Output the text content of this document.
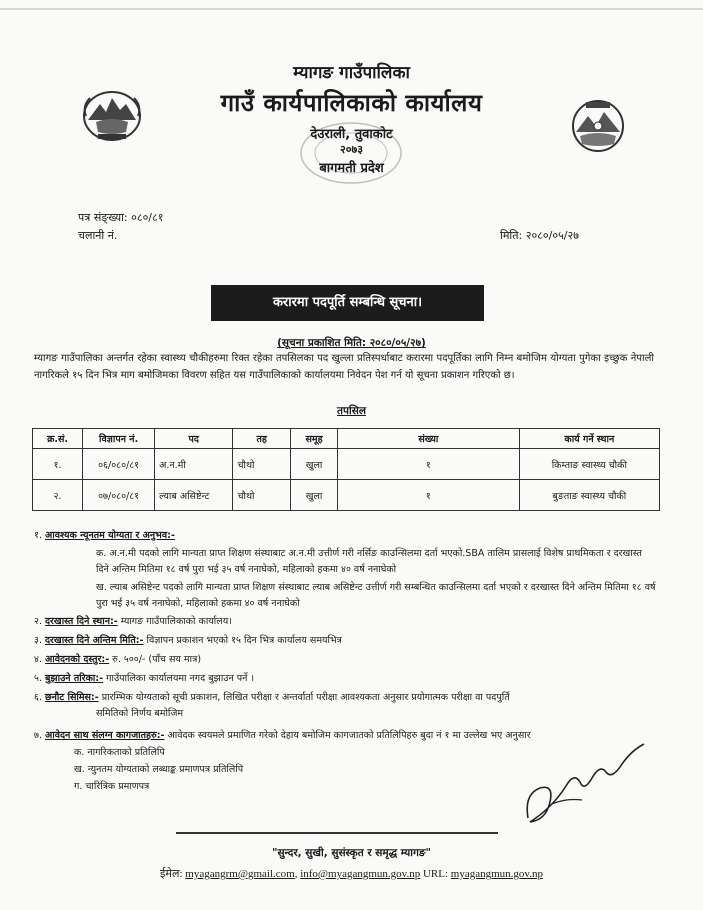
म्यागङ गाउँपालिका
गाउँ कार्यपालिकाको कार्यालय
देउराली, तुवाकोट
२०७३
बागमती प्रदेश
पत्र संङ्ख्या: ०८०/८१
चलानी नं.	मिति: २०८०/०५/२७
करारमा पदपूर्ति सम्बन्धि सूचना।
(सूचना प्रकाशित मिति: २०८०/०५/२७)
म्यागङ गाउँपालिका अन्तर्गत रहेका स्वास्थ्य चौकीहरुमा रिक्त रहेका तपसिलका पद खुल्ला प्रतिस्पर्धाबाट करारमा पदपूर्तिका लागि निम्न बमोजिम योग्यता पुगेका इच्छुक नेपाली नागरिकले १५ दिन भित्र माग बमोजिमका विवरण सहित यस गाउँपालिकाको कार्यालयमा निवेदन पेश गर्न यो सूचना प्रकाशन गरिएको छ।
तपसिल
क्र.सं.	विज्ञापन नं.	पद	तह	समूह	संख्या	कार्य गर्ने स्थान
१.	०६/०८०/८१	अ.न.मी	चौथो	खुला	१	किम्ताङ स्वास्थ्य चौकी
२.	०७/०८०/८१	ल्याब असिष्टेन्ट	चौथो	खुला	१	बुङताङ स्वास्थ्य चौकी
१. आवश्यक न्यूनतम योग्यता र अनुभव:-
क. अ.न.मी पदको लागि मान्यता प्राप्त शिक्षण संस्थाबाट अ.न.मी उत्तीर्ण गरी नर्सिङ काउन्सिलमा दर्ता भएको.SBA तालिम प्रासलाई विशेष प्राथमिकता र दरखास्त दिने अन्तिम मितिमा १८ वर्ष पुरा भई ३५ वर्ष ननाघेको, महिलाको हकमा ४० वर्ष ननाघेको
ख. ल्याब असिष्टेन्ट पदको लागि मान्यता प्राप्त शिक्षण संस्थाबाट ल्याब असिष्टेन्ट उत्तीर्ण गरी सम्बन्धित काउन्सिलमा दर्ता भएको र दरखास्त दिने अन्तिम मितिमा १८ वर्ष पुरा भई ३५ वर्ष ननाघेको, महिलाको हकमा ४० वर्ष ननाघेको
२. दरखास्त दिने स्थान:- म्यागङ गाउँपालिकाको कार्यालय।
३. दरखास्त दिने अन्तिम मिति:- विज्ञापन प्रकाशन भएको १५ दिन भित्र कार्यालय समयभित्र
४. आवेदनको दस्तुर:- रु. ५००/- (पाँच सय मात्र)
५. बुझाउने तरिका:- गाउँपालिका कार्यालयमा नगद बुझाउन पर्ने ।
६. छनौट सिमिस:- प्रारम्भिक योग्यताको सूची प्रकाशन, लिखित परीक्षा र अन्तर्वार्ता परीक्षा आवश्यकता अनुसार प्रयोगात्मक परीक्षा वा पदपुर्ति
समितिको निर्णय बमोजिम
७. आवेदन साथ संलग्न कागजातहरु:- आवेदक स्वयमले प्रमाणित गरेको देहाय बमोजिम कागजातको प्रतिलिपिहरु बुदा नं १ मा उल्लेख भए अनुसार
क. नागरिकताको प्रतिलिपि
ख. न्युनतम योग्यताको लब्धाङ्क प्रमाणपत्र प्रतिलिपि
ग. चारित्रिक प्रमाणपत्र
"सुन्दर, सुखी, सुसंस्कृत र समृद्ध म्यागङ"
ईमेल: myagangrm@gmail.com, info@myagangmun.gov.np URL: myagangmun.gov.np
